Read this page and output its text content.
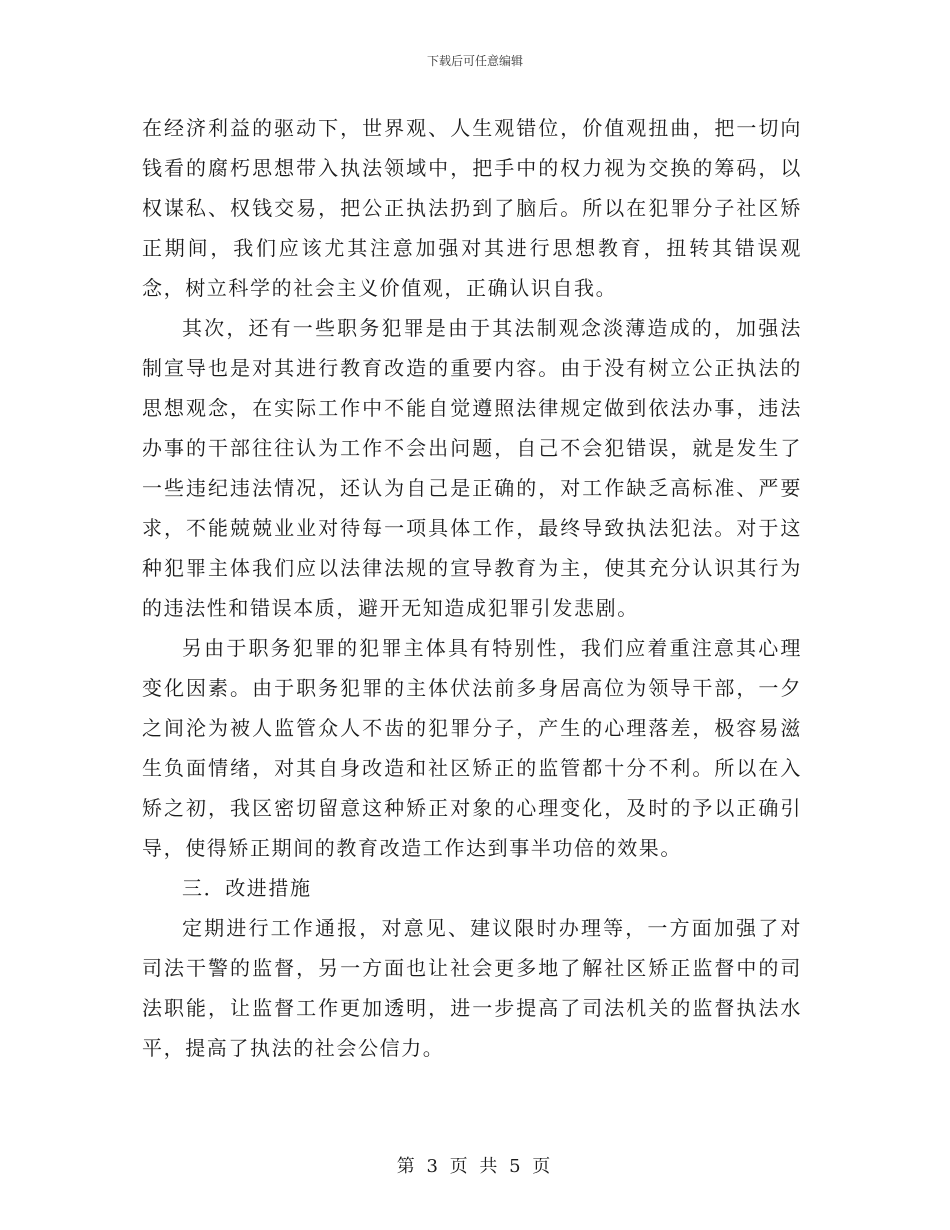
下载后可任意编辑

在经济利益的驱动下，世界观、人生观错位，价值观扭曲，把一切向钱看的腐朽思想带入执法领域中，把手中的权力视为交换的筹码，以权谋私、权钱交易，把公正执法扔到了脑后。所以在犯罪分子社区矫正期间，我们应该尤其注意加强对其进行思想教育，扭转其错误观念，树立科学的社会主义价值观，正确认识自我。

其次，还有一些职务犯罪是由于其法制观念淡薄造成的，加强法制宣导也是对其进行教育改造的重要内容。由于没有树立公正执法的思想观念，在实际工作中不能自觉遵照法律规定做到依法办事，违法办事的干部往往认为工作不会出问题，自己不会犯错误，就是发生了一些违纪违法情况，还认为自己是正确的，对工作缺乏高标准、严要求，不能兢兢业业对待每一项具体工作，最终导致执法犯法。对于这种犯罪主体我们应以法律法规的宣导教育为主，使其充分认识其行为的违法性和错误本质，避开无知造成犯罪引发悲剧。

另由于职务犯罪的犯罪主体具有特别性，我们应着重注意其心理变化因素。由于职务犯罪的主体伏法前多身居高位为领导干部，一夕之间沦为被人监管众人不齿的犯罪分子，产生的心理落差，极容易滋生负面情绪，对其自身改造和社区矫正的监管都十分不利。所以在入矫之初，我区密切留意这种矫正对象的心理变化，及时的予以正确引导，使得矫正期间的教育改造工作达到事半功倍的效果。

三．改进措施

定期进行工作通报，对意见、建议限时办理等，一方面加强了对司法干警的监督，另一方面也让社会更多地了解社区矫正监督中的司法职能，让监督工作更加透明，进一步提高了司法机关的监督执法水平，提高了执法的社会公信力。

第 3 页 共 5 页
